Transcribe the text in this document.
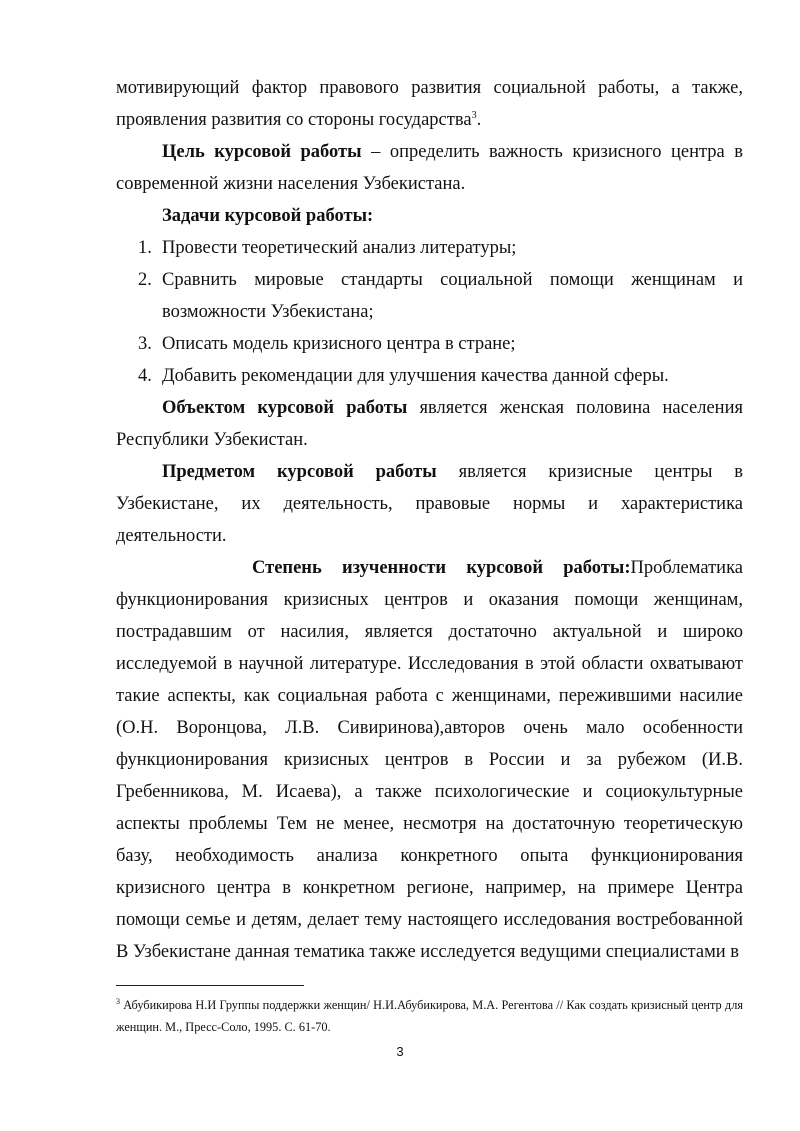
мотивирующий фактор правового развития социальной работы, а также, проявления развития со стороны государства$^3$.

Цель курсовой работы – определить важность кризисного центра в современной жизни населения Узбекистана.

Задачи курсовой работы:

1. Провести теоретический анализ литературы;
2. Сравнить мировые стандарты социальной помощи женщинам и возможности Узбекистана;
3. Описать модель кризисного центра в стране;
4. Добавить рекомендации для улучшения качества данной сферы.

Объектом курсовой работы является женская половина населения Республики Узбекистан.

Предметом курсовой работы является кризисные центры в Узбекистане, их деятельность, правовые нормы и характеристика деятельности.

Степень изученности курсовой работы:Проблематика функционирования кризисных центров и оказания помощи женщинам, пострадавшим от насилия, является достаточно актуальной и широко исследуемой в научной литературе. Исследования в этой области охватывают такие аспекты, как социальная работа с женщинами, пережившими насилие (О.Н. Воронцова, Л.В. Сивиринова),авторов очень мало особенности функционирования кризисных центров в России и за рубежом (И.В. Гребенникова, М. Исаева), а также психологические и социокультурные аспекты проблемы Тем не менее, несмотря на достаточную теоретическую базу, необходимость анализа конкретного опыта функционирования кризисного центра в конкретном регионе, например, на примере Центра помощи семье и детям, делает тему настоящего исследования востребованной В Узбекистане данная тематика также исследуется ведущими специалистами в

$^3$ Абубикирова Н.И Группы поддержки женщин/ Н.И.Абубикирова, М.А. Регентова // Как создать кризисный центр для женщин. М., Пресс-Соло, 1995. С. 61-70.

3
